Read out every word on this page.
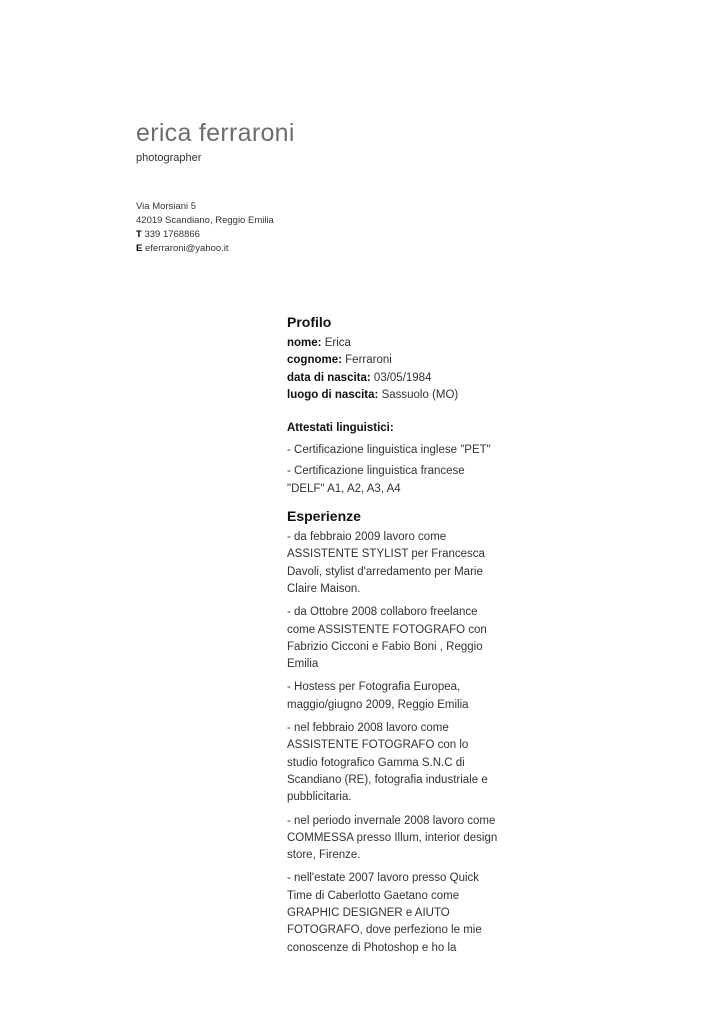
erica ferraroni
photographer
Via Morsiani 5
42019 Scandiano, Reggio Emilia
T 339 1768866
E eferraroni@yahoo.it
Profilo
nome: Erica
cognome: Ferraroni
data di nascita: 03/05/1984
luogo di nascita: Sassuolo (MO)
Attestati linguistici:
- Certificazione linguistica inglese "PET"
- Certificazione linguistica francese "DELF" A1, A2, A3, A4
Esperienze
- da febbraio 2009 lavoro come ASSISTENTE STYLIST per Francesca Davoli, stylist d'arredamento per Marie Claire Maison.
- da Ottobre 2008 collaboro freelance come ASSISTENTE FOTOGRAFO con Fabrizio Cicconi e Fabio Boni , Reggio Emilia
- Hostess per Fotografia Europea, maggio/giugno 2009, Reggio Emilia
- nel febbraio 2008 lavoro come ASSISTENTE FOTOGRAFO con lo studio fotografico Gamma S.N.C di Scandiano (RE), fotografia industriale e pubblicitaria.
- nel periodo invernale 2008 lavoro come COMMESSA presso Illum, interior design store, Firenze.
- nell'estate 2007 lavoro presso Quick Time di Caberlotto Gaetano come GRAPHIC DESIGNER e AIUTO FOTOGRAFO, dove perfeziono le mie conoscenze di Photoshop e ho la
